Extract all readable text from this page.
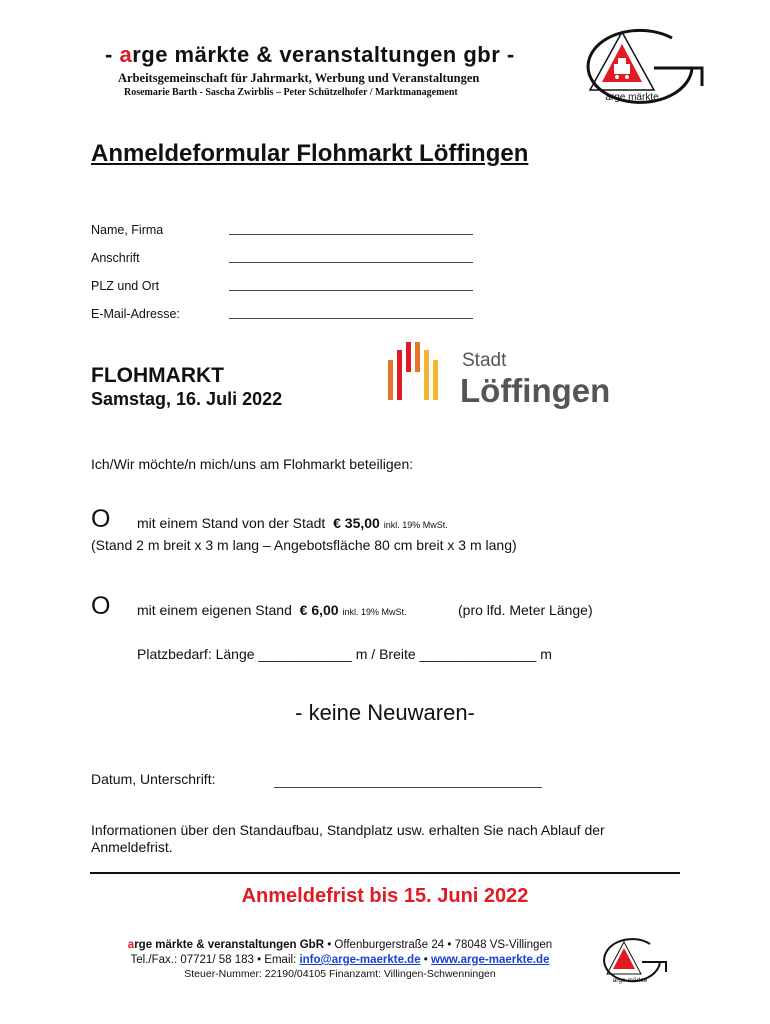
- arge märkte & veranstaltungen gbr -
Arbeitsgemeinschaft für Jahrmarkt, Werbung und Veranstaltungen
Rosemarie Barth - Sascha Zwirblis – Peter Schützelhofer / Marktmanagement	arge märkte
Anmeldeformular Flohmarkt Löffingen
Name, Firma
Anschrift
PLZ und Ort
E-Mail-Adresse:
FLOHMARKT
Samstag, 16. Juli 2022
Stadt
Löffingen
Ich/Wir möchte/n mich/uns am Flohmarkt beteiligen:
O mit einem Stand von der Stadt € 35,00 inkl. 19% MwSt.
(Stand 2 m breit x 3 m lang – Angebotsfläche 80 cm breit x 3 m lang)
O mit einem eigenen Stand € 6,00 inkl. 19% MwSt.	(pro lfd. Meter Länge)
Platzbedarf: Länge ____________ m / Breite _______________ m
- keine Neuwaren-
Datum, Unterschrift:
Informationen über den Standaufbau, Standplatz usw. erhalten Sie nach Ablauf der
Anmeldefrist.
Anmeldefrist bis 15. Juni 2022
arge märkte & veranstaltungen GbR • Offenburgerstraße 24 • 78048 VS-Villingen
Tel./Fax.: 07721/ 58 183 • Email: info@arge-maerkte.de • www.arge-maerkte.de
Steuer-Nummer: 22190/04105 Finanzamt: Villingen-Schwenningen
arge märkte
